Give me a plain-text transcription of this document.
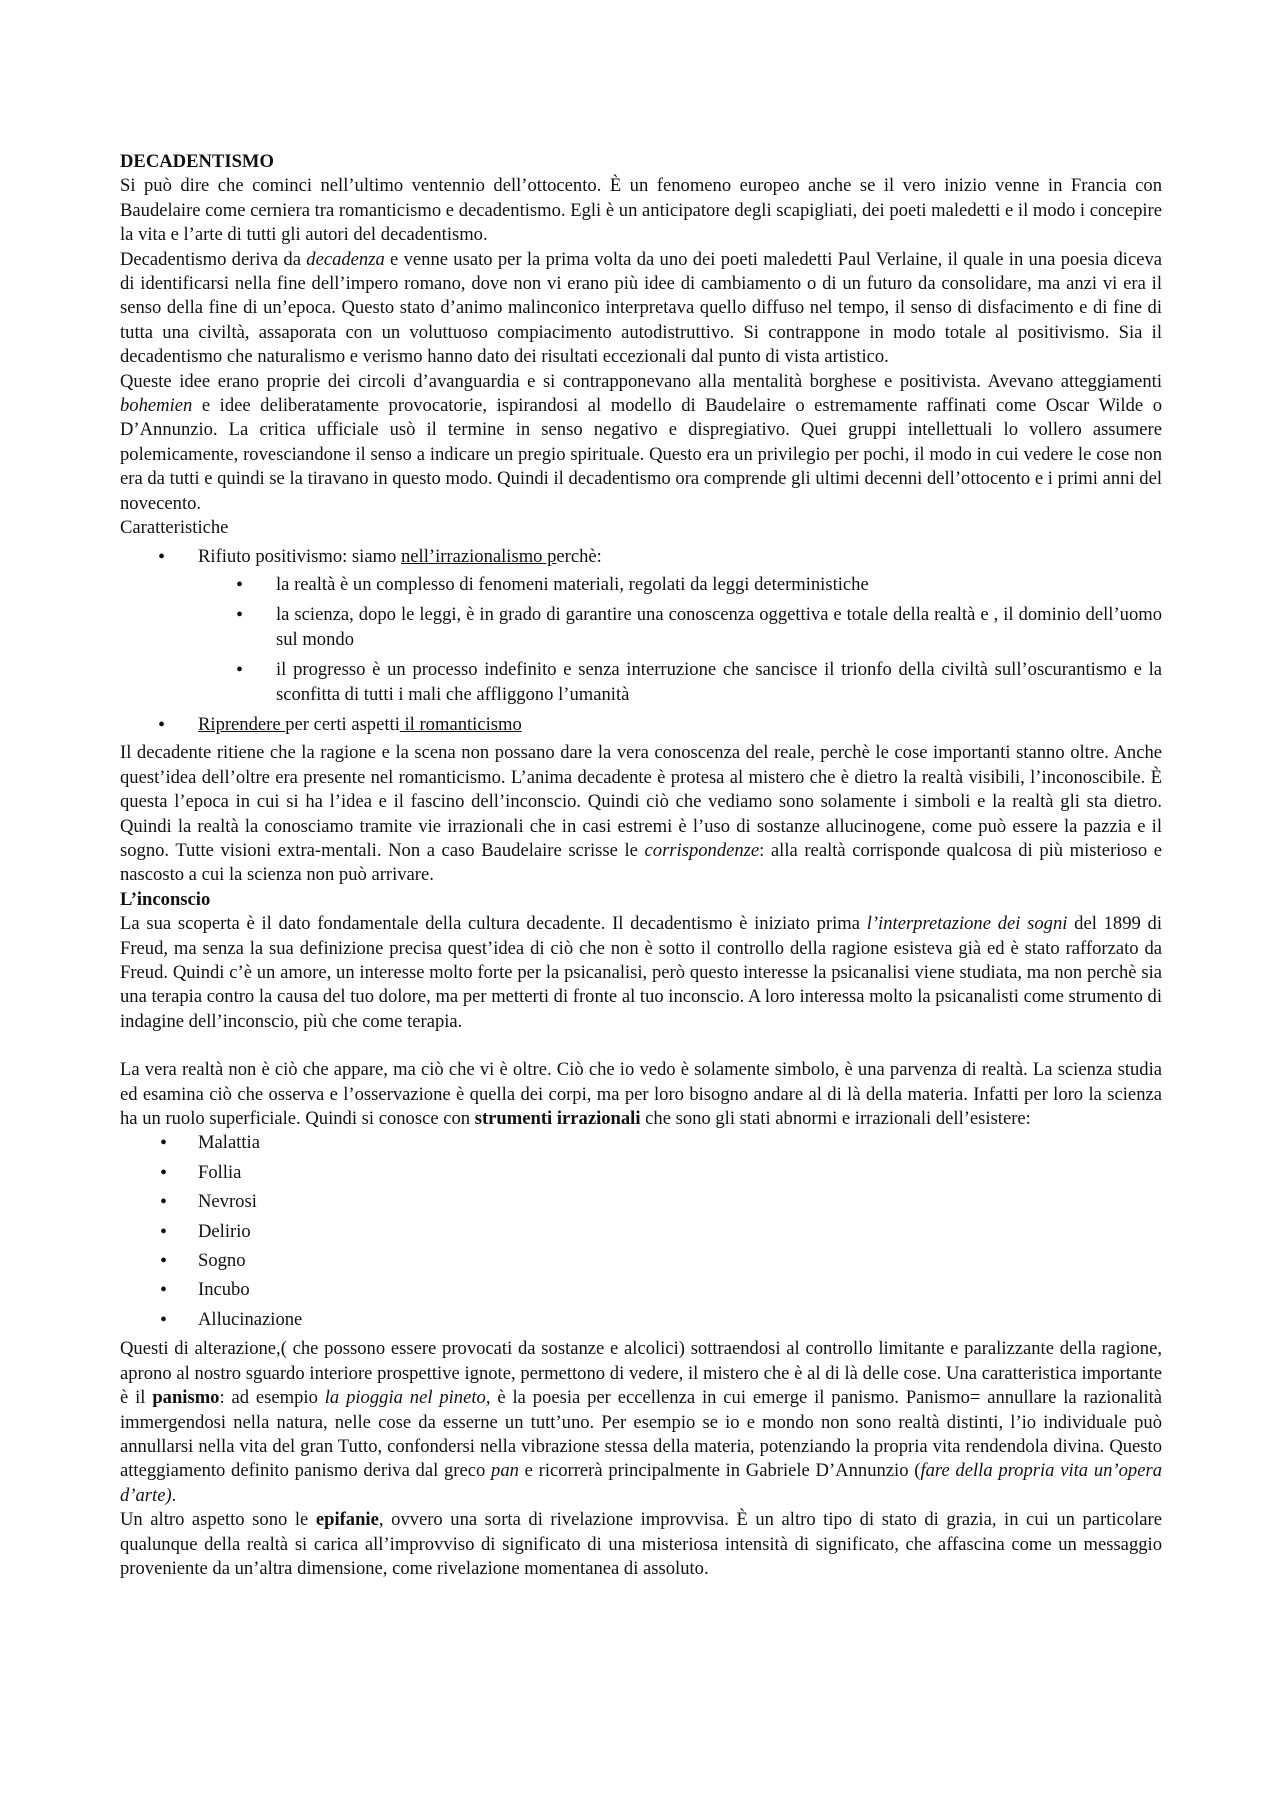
DECADENTISMO

Si può dire che cominci nell’ultimo ventennio dell’ottocento. È un fenomeno europeo anche se il vero inizio venne in Francia con Baudelaire come cerniera tra romanticismo e decadentismo. Egli è un anticipatore degli scapigliati, dei poeti maledetti e il modo i concepire la vita e l’arte di tutti gli autori del decadentismo.

Decadentismo deriva da decadenza e venne usato per la prima volta da uno dei poeti maledetti Paul Verlaine, il quale in una poesia diceva di identificarsi nella fine dell’impero romano, dove non vi erano più idee di cambiamento o di un futuro da consolidare, ma anzi vi era il senso della fine di un’epoca. Questo stato d’animo malinconico interpretava quello diffuso nel tempo, il senso di disfacimento e di fine di tutta una civiltà, assaporata con un voluttuoso compiacimento autodistruttivo. Si contrappone in modo totale al positivismo. Sia il decadentismo che naturalismo e verismo hanno dato dei risultati eccezionali dal punto di vista artistico.

Queste idee erano proprie dei circoli d’avanguardia e si contrapponevano alla mentalità borghese e positivista. Avevano atteggiamenti bohemien e idee deliberatamente provocatorie, ispirandosi al modello di Baudelaire o estremamente raffinati come Oscar Wilde o D’Annunzio. La critica ufficiale usò il termine in senso negativo e dispregiativo. Quei gruppi intellettuali lo vollero assumere polemicamente, rovesciandone il senso a indicare un pregio spirituale. Questo era un privilegio per pochi, il modo in cui vedere le cose non era da tutti e quindi se la tiravano in questo modo. Quindi il decadentismo ora comprende gli ultimi decenni dell’ottocento e i primi anni del novecento.

Caratteristiche

• Rifiuto positivismo: siamo nell’irrazionalismo perchè:
• la realtà è un complesso di fenomeni materiali, regolati da leggi deterministiche
• la scienza, dopo le leggi, è in grado di garantire una conoscenza oggettiva e totale della realtà e , il dominio dell’uomo sul mondo
• il progresso è un processo indefinito e senza interruzione che sancisce il trionfo della civiltà sull’oscurantismo e la sconfitta di tutti i mali che affliggono l’umanità
• Riprendere per certi aspetti il romanticismo

Il decadente ritiene che la ragione e la scena non possano dare la vera conoscenza del reale, perchè le cose importanti stanno oltre. Anche quest’idea dell’oltre era presente nel romanticismo. L’anima decadente è protesa al mistero che è dietro la realtà visibili, l’inconoscibile. È questa l’epoca in cui si ha l’idea e il fascino dell’inconscio. Quindi ciò che vediamo sono solamente i simboli e la realtà gli sta dietro. Quindi la realtà la conosciamo tramite vie irrazionali che in casi estremi è l’uso di sostanze allucinogene, come può essere la pazzia e il sogno. Tutte visioni extra-mentali. Non a caso Baudelaire scrisse le corrispondenze: alla realtà corrisponde qualcosa di più misterioso e nascosto a cui la scienza non può arrivare.

L’inconscio

La sua scoperta è il dato fondamentale della cultura decadente. Il decadentismo è iniziato prima l’interpretazione dei sogni del 1899 di Freud, ma senza la sua definizione precisa quest’idea di ciò che non è sotto il controllo della ragione esisteva già ed è stato rafforzato da Freud. Quindi c’è un amore, un interesse molto forte per la psicanalisi, però questo interesse la psicanalisi viene studiata, ma non perchè sia una terapia contro la causa del tuo dolore, ma per metterti di fronte al tuo inconscio. A loro interessa molto la psicanalisti come strumento di indagine dell’inconscio, più che come terapia.

La vera realtà non è ciò che appare, ma ciò che vi è oltre. Ciò che io vedo è solamente simbolo, è una parvenza di realtà. La scienza studia ed esamina ciò che osserva e l’osservazione è quella dei corpi, ma per loro bisogno andare al di là della materia. Infatti per loro la scienza ha un ruolo superficiale. Quindi si conosce con strumenti irrazionali che sono gli stati abnormi e irrazionali dell’esistere:

• Malattia
• Follia
• Nevrosi
• Delirio
• Sogno
• Incubo
• Allucinazione

Questi di alterazione,( che possono essere provocati da sostanze e alcolici) sottraendosi al controllo limitante e paralizzante della ragione, aprono al nostro sguardo interiore prospettive ignote, permettono di vedere, il mistero che è al di là delle cose. Una caratteristica importante è il panismo: ad esempio la pioggia nel pineto, è la poesia per eccellenza in cui emerge il panismo. Panismo= annullare la razionalità immergendosi nella natura, nelle cose da esserne un tutt’uno. Per esempio se io e mondo non sono realtà distinti, l’io individuale può annullarsi nella vita del gran Tutto, confondersi nella vibrazione stessa della materia, potenziando la propria vita rendendola divina. Questo atteggiamento definito panismo deriva dal greco pan e ricorrerà principalmente in Gabriele D’Annunzio (fare della propria vita un’opera d’arte).

Un altro aspetto sono le epifanie, ovvero una sorta di rivelazione improvvisa. È un altro tipo di stato di grazia, in cui un particolare qualunque della realtà si carica all’improvviso di significato di una misteriosa intensità di significato, che affascina come un messaggio proveniente da un’altra dimensione, come rivelazione momentanea di assoluto.
